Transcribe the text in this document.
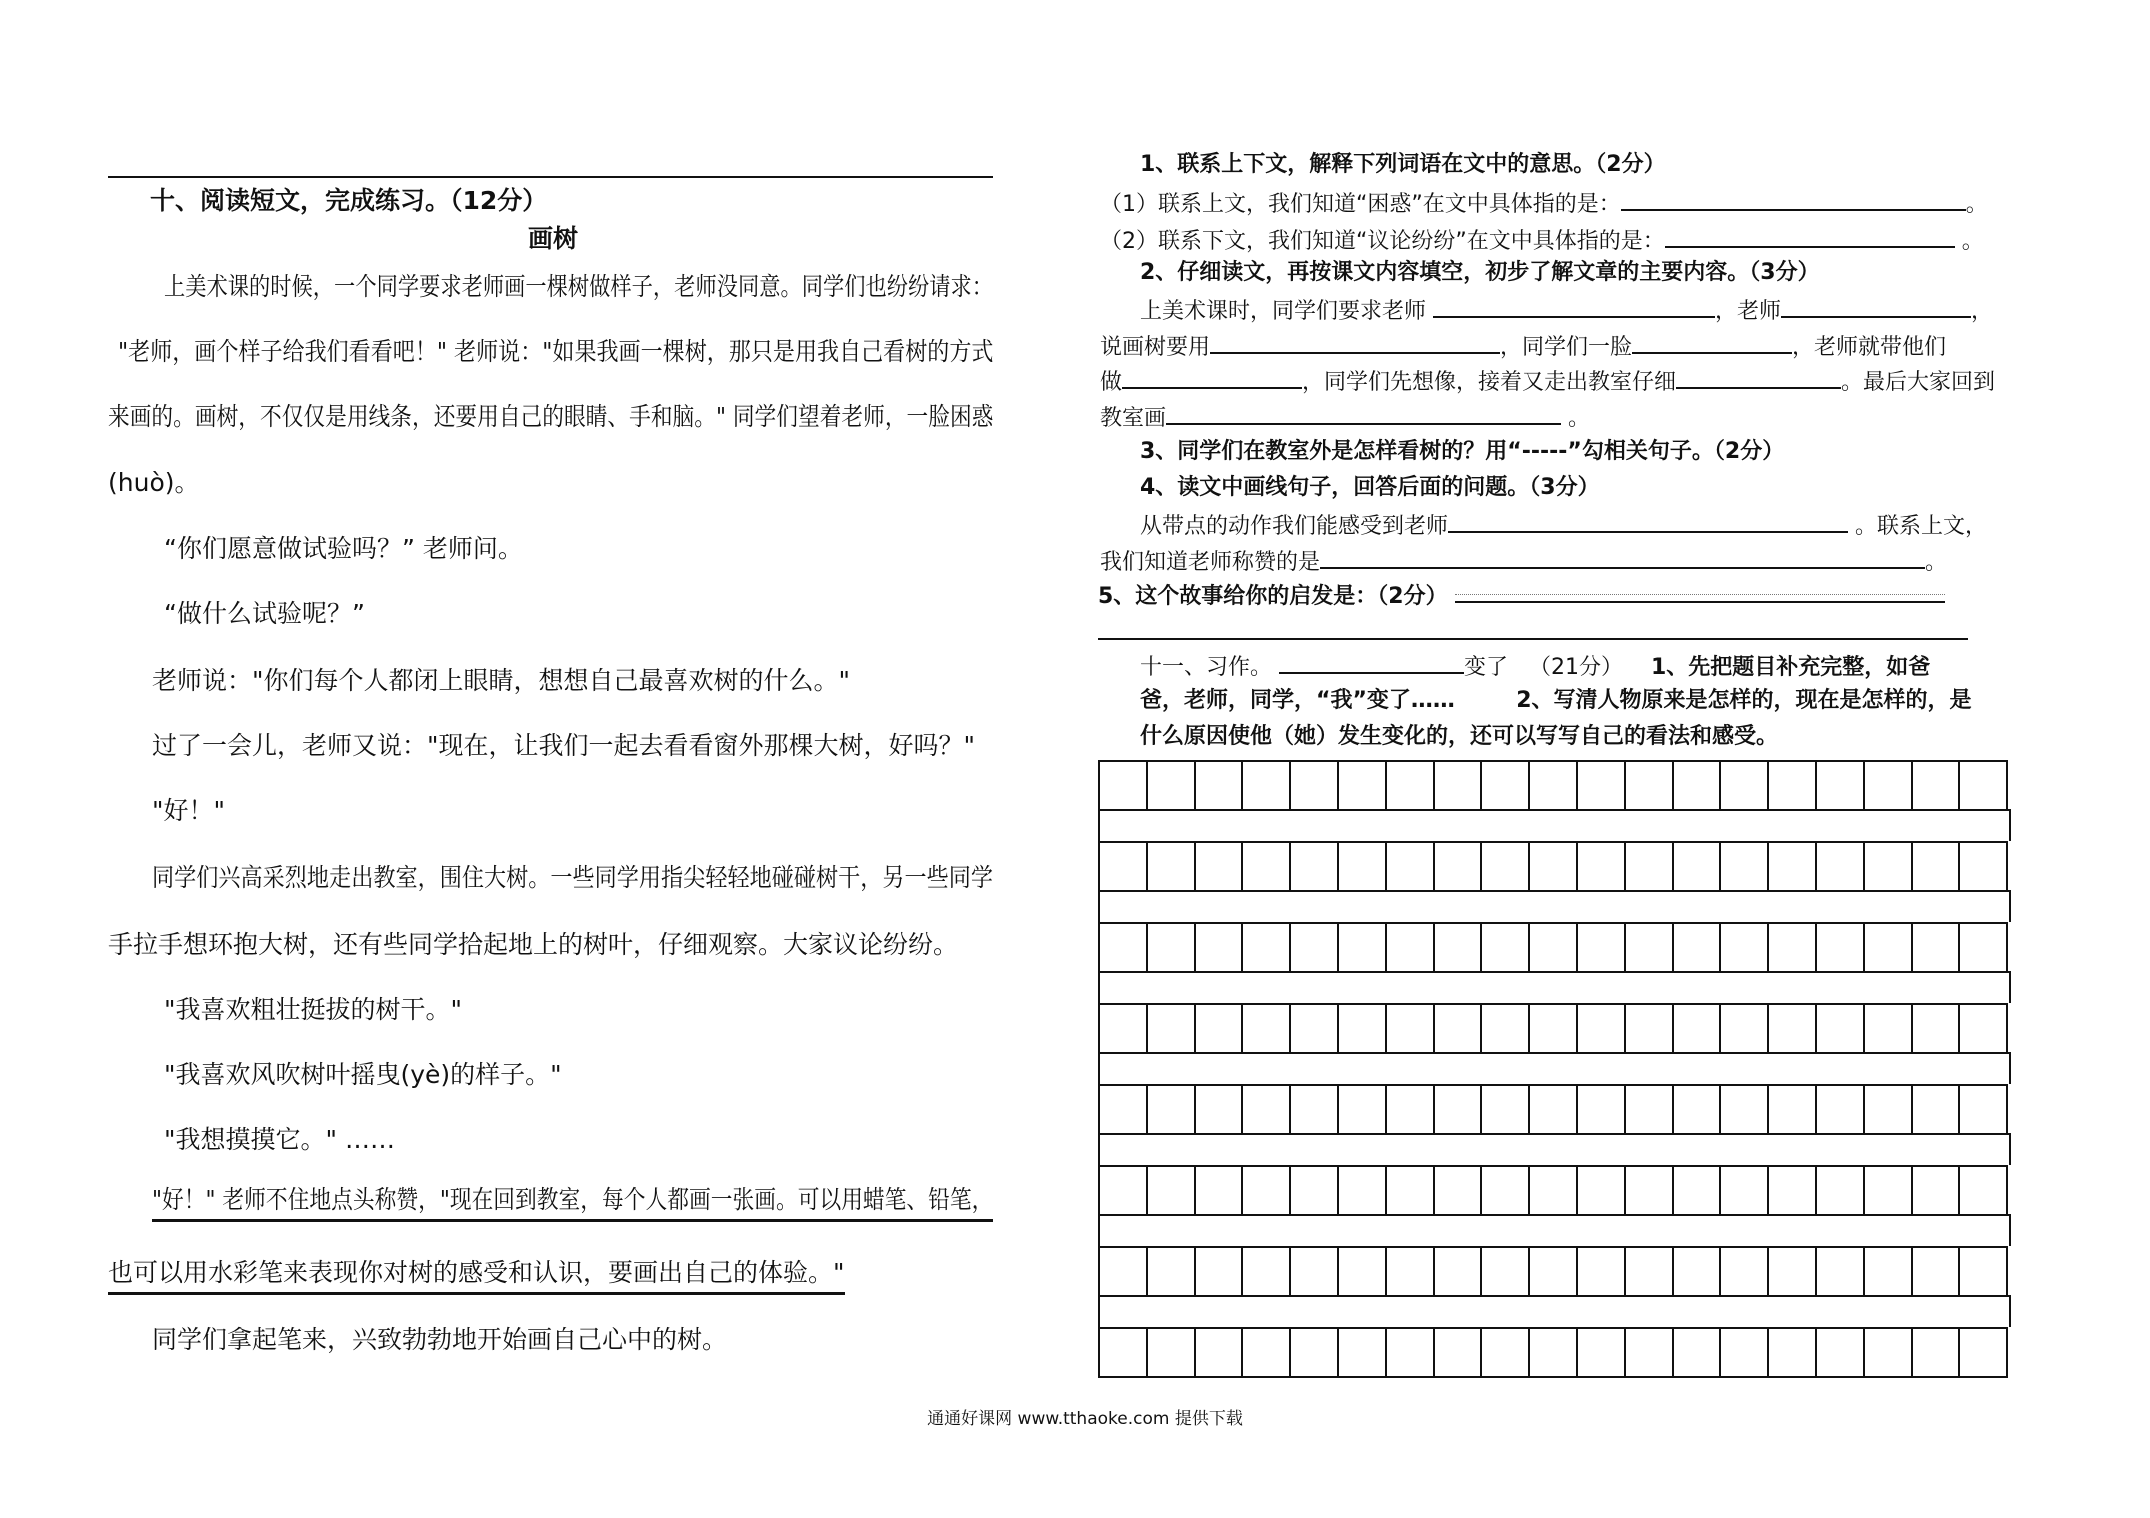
十、阅读短文，完成练习。（12分）
画树
上美术课的时候，一个同学要求老师画一棵树做样子，老师没同意。同学们也纷纷请求：
"老师，画个样子给我们看看吧！" 老师说："如果我画一棵树，那只是用我自己看树的方式
来画的。画树，不仅仅是用线条，还要用自己的眼睛、手和脑。" 同学们望着老师，一脸困惑
(huò)。
“你们愿意做试验吗？” 老师问。
“做什么试验呢？”
老师说："你们每个人都闭上眼睛，想想自己最喜欢树的什么。"
过了一会儿，老师又说："现在，让我们一起去看看窗外那棵大树，好吗？"
"好！"
同学们兴高采烈地走出教室，围住大树。一些同学用指尖轻轻地碰碰树干，另一些同学
手拉手想环抱大树，还有些同学拾起地上的树叶，仔细观察。大家议论纷纷。
"我喜欢粗壮挺拔的树干。"
"我喜欢风吹树叶摇曳(yè)的样子。"
"我想摸摸它。" ……
"好！" 老师不住地点头称赞，"现在回到教室，每个人都画一张画。可以用蜡笔、铅笔，
也可以用水彩笔来表现你对树的感受和认识，要画出自己的体验。"
同学们拿起笔来，兴致勃勃地开始画自己心中的树。
1、联系上下文，解释下列词语在文中的意思。（2分）
（1）联系上文，我们知道“困惑”在文中具体指的是：	。
（2）联系下文，我们知道“议论纷纷”在文中具体指的是：	。
2、仔细读文，再按课文内容填空，初步了解文章的主要内容。（3分）
上美术课时，同学们要求老师	，老师	，
说画树要用	，同学们一脸	，老师就带他们
做	，同学们先想像，接着又走出教室仔细	。最后大家回到
教室画	。
3、同学们在教室外是怎样看树的？用“-----”勾相关句子。（2分）
4、读文中画线句子，回答后面的问题。（3分）
从带点的动作我们能感受到老师	。联系上文，
我们知道老师称赞的是	。
5、这个故事给你的启发是：（2分）
十一、习作。	变了 （21分） 1、先把题目补充完整，如爸
爸，老师，同学，“我”变了……	2、写清人物原来是怎样的，现在是怎样的，是
什么原因使他（她）发生变化的，还可以写写自己的看法和感受。
通通好课网 www.tthaoke.com 提供下载
